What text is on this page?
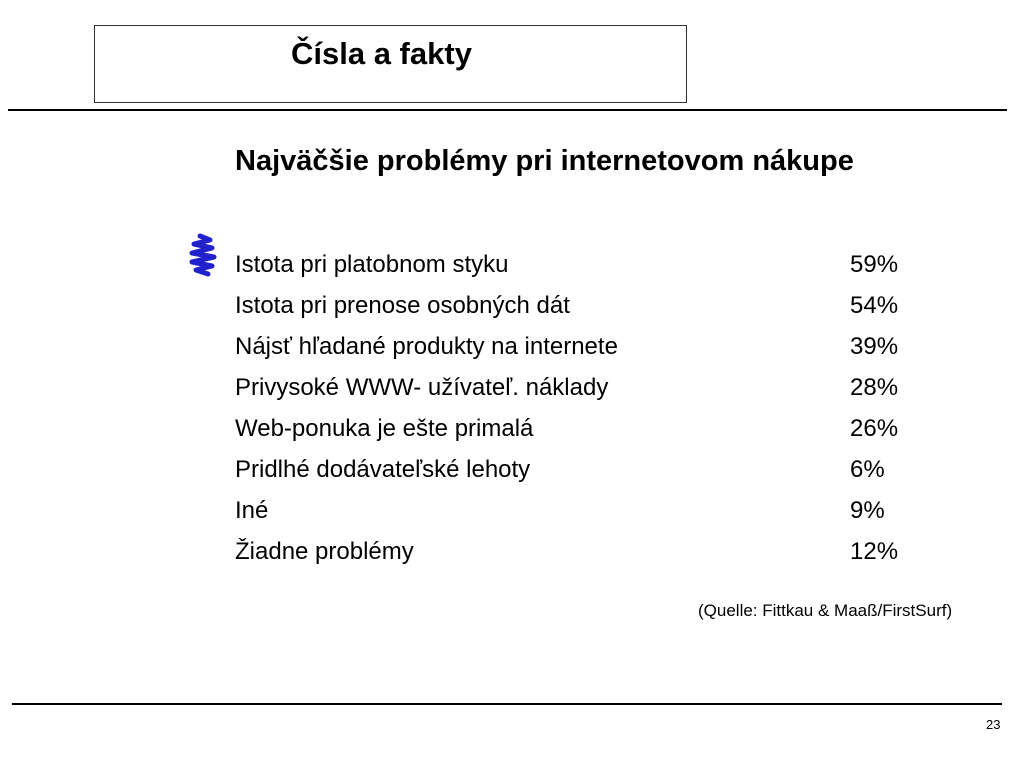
Čísla a fakty
Najväčšie problémy pri internetovom nákupe
Istota pri platobnom styku	59%
Istota pri prenose osobných dát	54%
Nájsť hľadané produkty na internete	39%
Privysoké WWW- užívateľ. náklady	28%
Web-ponuka je ešte primalá	26%
Pridlhé dodávateľské lehoty	6%
Iné	9%
Žiadne problémy	12%
(Quelle: Fittkau & Maaß/FirstSurf)
23
